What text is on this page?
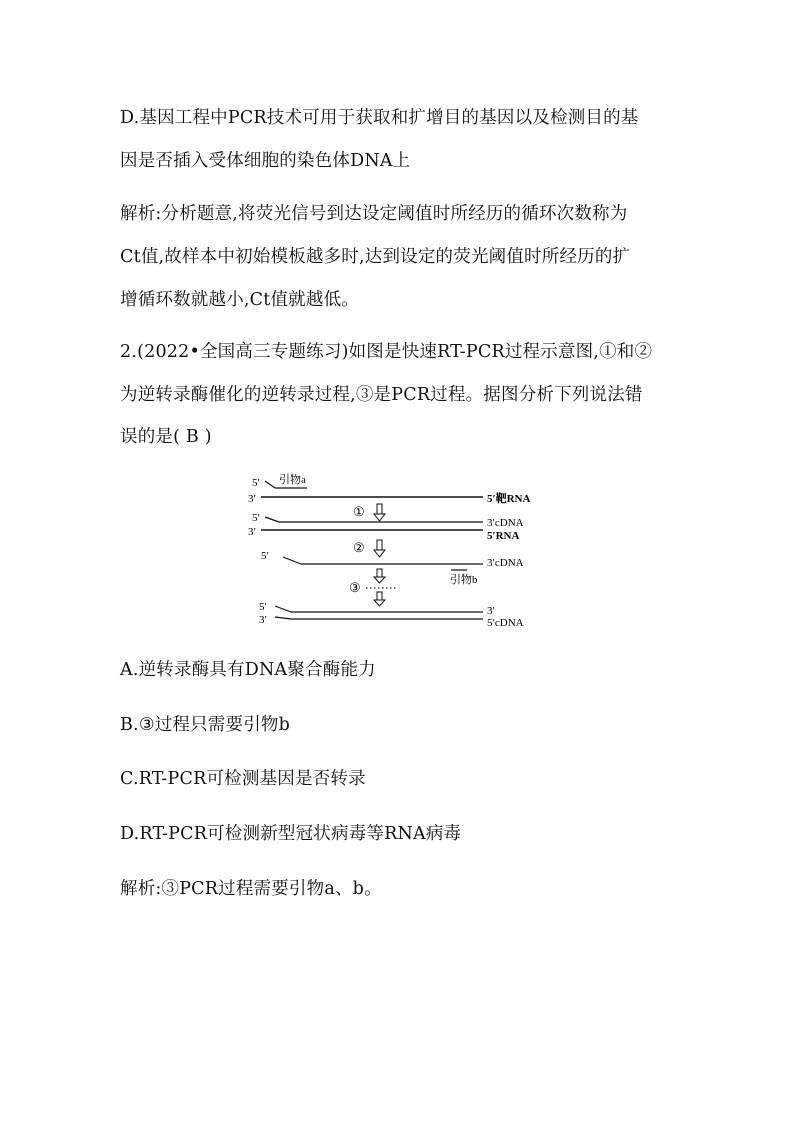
D.基因工程中PCR技术可用于获取和扩增目的基因以及检测目的基
因是否插入受体细胞的染色体DNA上
解析:分析题意,将荧光信号到达设定阈值时所经历的循环次数称为
Ct值,故样本中初始模板越多时,达到设定的荧光阈值时所经历的扩
增循环数就越小,Ct值就越低。
2.(2022•全国高三专题练习)如图是快速RT-PCR过程示意图,①和②
为逆转录酶催化的逆转录过程,③是PCR过程。据图分析下列说法错
误的是( B )
5′ 引物a
3′	5′靶RNA
①
5′	3′cDNA
3′	5′RNA
②
5′
3′cDNA
引物b
③
5′	3′
3′	5′cDNA
A.逆转录酶具有DNA聚合酶能力
B.③过程只需要引物b
C.RT-PCR可检测基因是否转录
D.RT-PCR可检测新型冠状病毒等RNA病毒
解析:③PCR过程需要引物a、b。
